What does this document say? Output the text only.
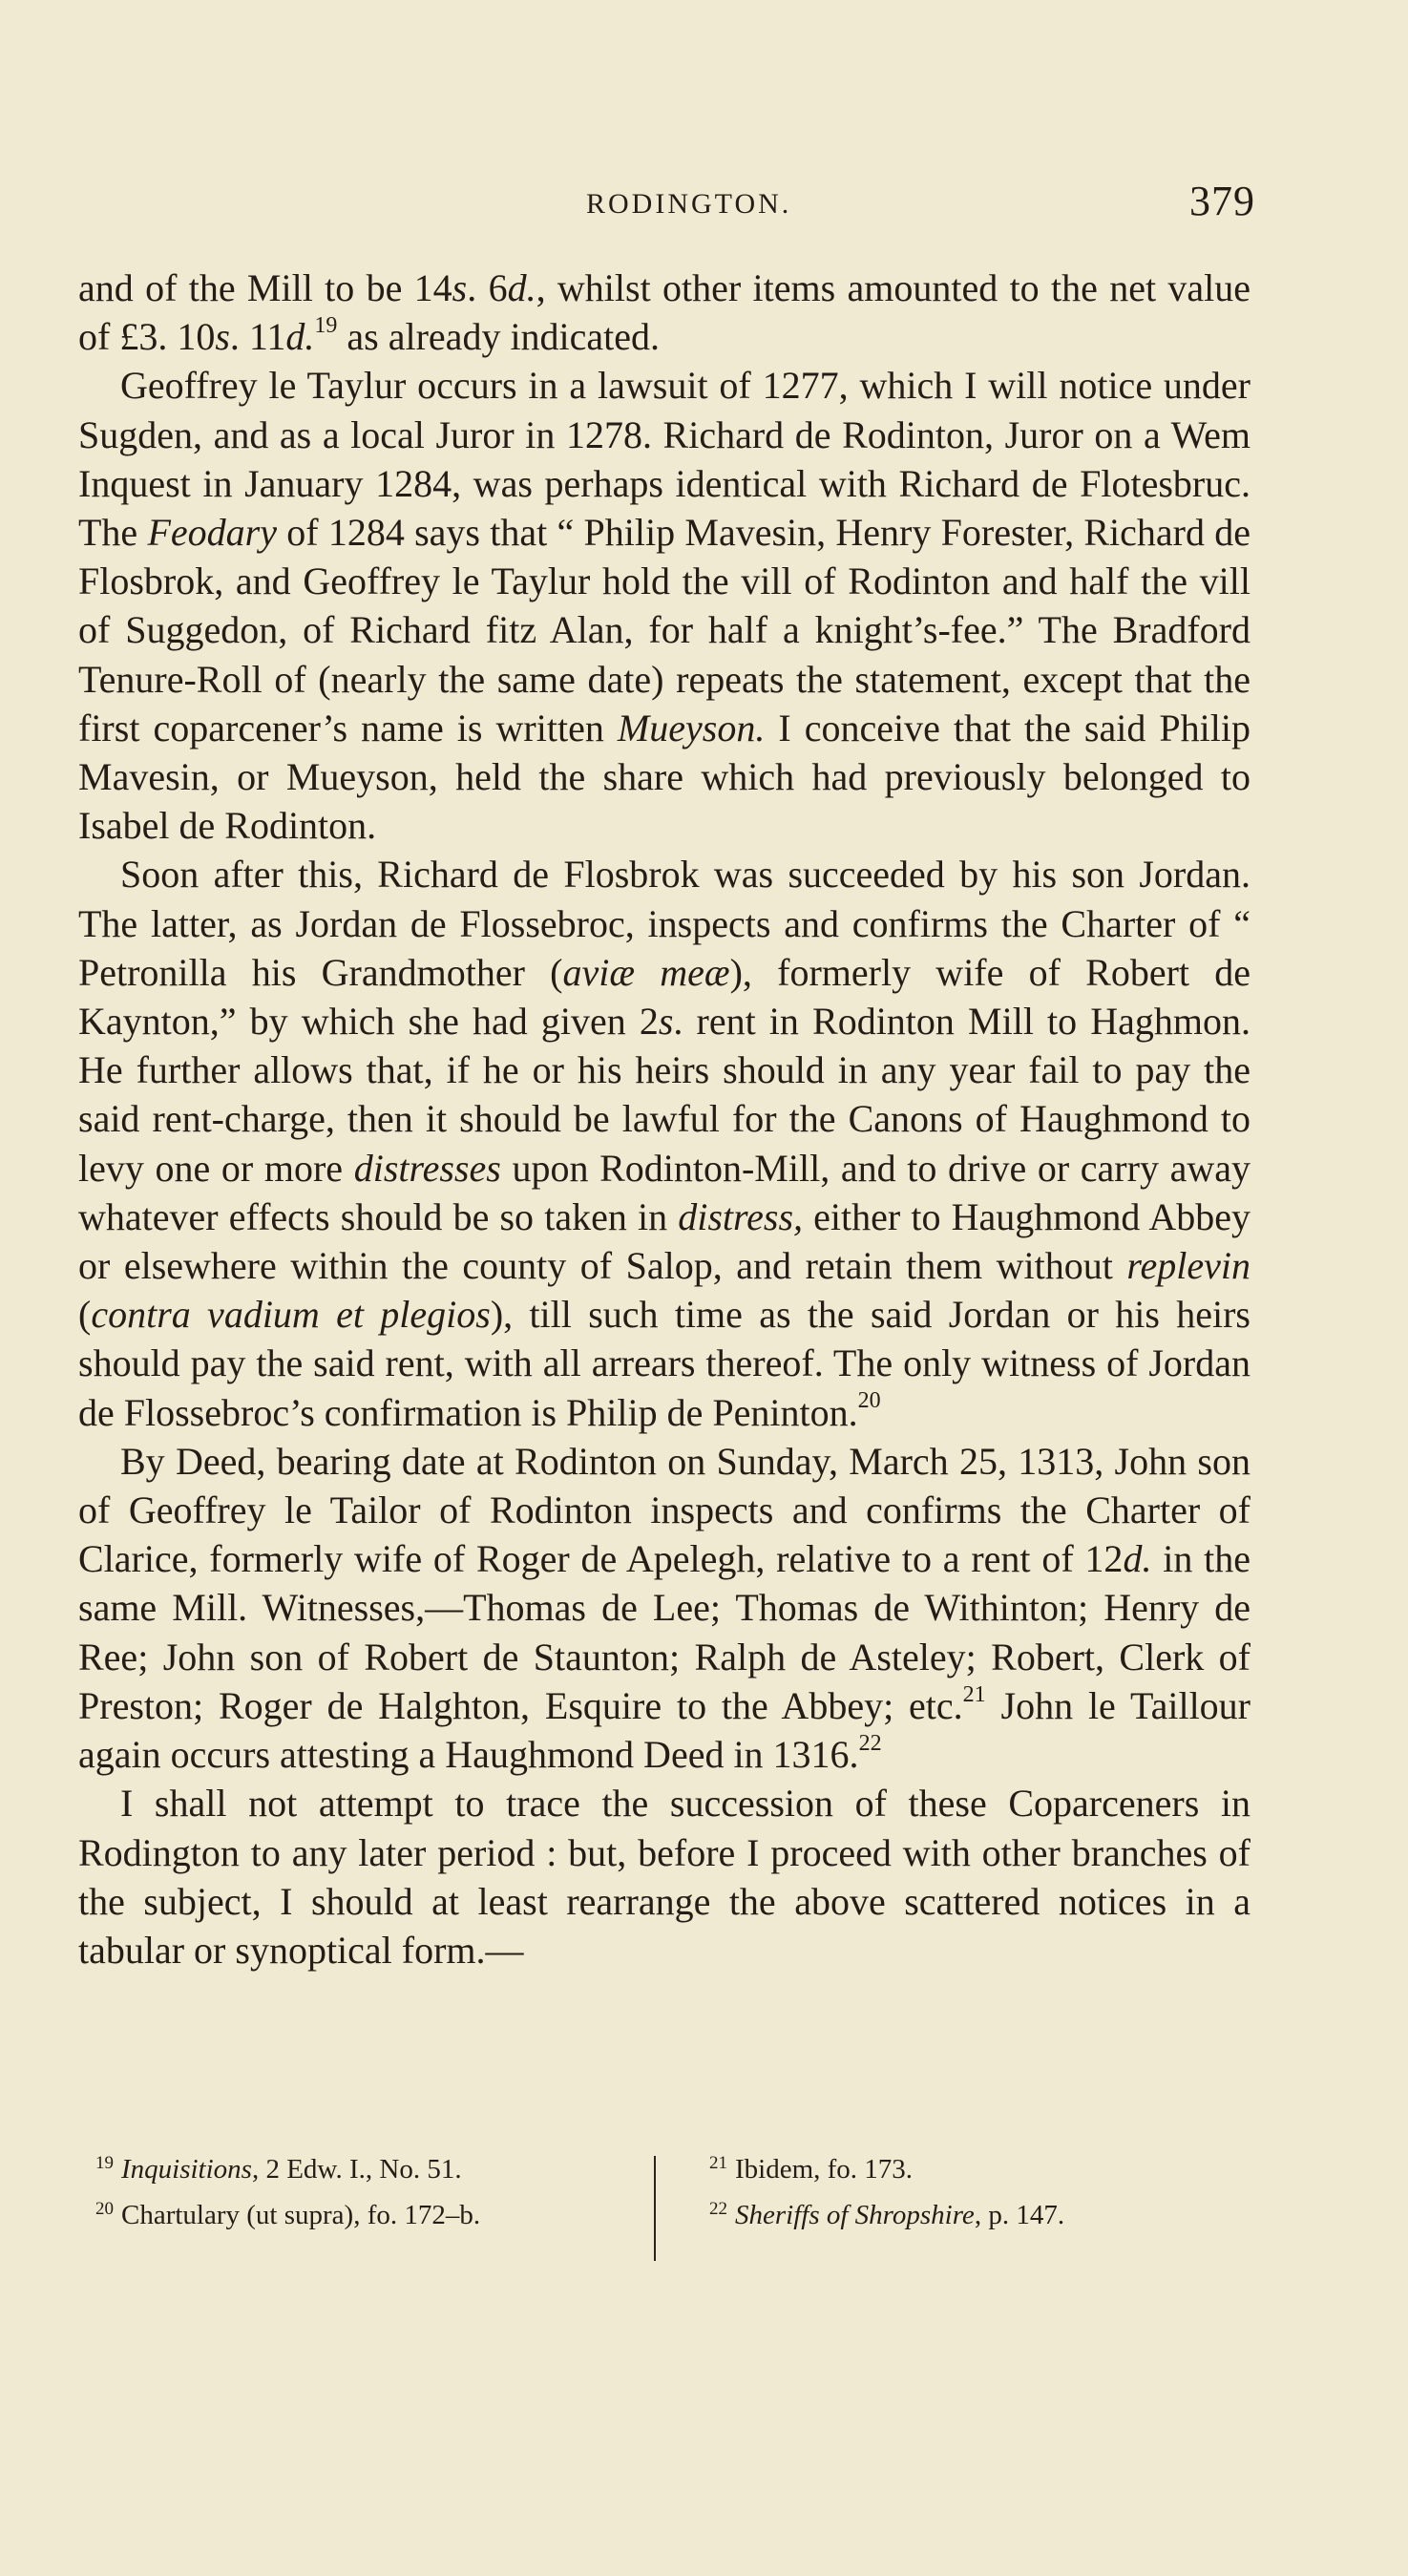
RODINGTON.	379

and of the Mill to be 14s. 6d., whilst other items amounted to the net value of £3. 10s. 11d.$^{19}$ as already indicated.

Geoffrey le Taylur occurs in a lawsuit of 1277, which I will notice under Sugden, and as a local Juror in 1278. Richard de Rodinton, Juror on a Wem Inquest in January 1284, was perhaps identical with Richard de Flotesbruc. The Feodary of 1284 says that “ Philip Mavesin, Henry Forester, Richard de Flosbrok, and Geoffrey le Taylur hold the vill of Rodinton and half the vill of Suggedon, of Richard fitz Alan, for half a knight’s-fee.” The Bradford Tenure-Roll of (nearly the same date) repeats the statement, except that the first coparcener’s name is written Mueyson. I conceive that the said Philip Mavesin, or Mueyson, held the share which had previously belonged to Isabel de Rodinton.

Soon after this, Richard de Flosbrok was succeeded by his son Jordan. The latter, as Jordan de Flossebroc, inspects and confirms the Charter of “ Petronilla his Grandmother (aviæ meæ), formerly wife of Robert de Kaynton,” by which she had given 2s. rent in Rodinton Mill to Haghmon. He further allows that, if he or his heirs should in any year fail to pay the said rent-charge, then it should be lawful for the Canons of Haughmond to levy one or more distresses upon Rodinton-Mill, and to drive or carry away whatever effects should be so taken in distress, either to Haughmond Abbey or elsewhere within the county of Salop, and retain them without replevin (contra vadium et plegios), till such time as the said Jordan or his heirs should pay the said rent, with all arrears thereof. The only witness of Jordan de Flossebroc’s confirmation is Philip de Peninton.$^{20}$

By Deed, bearing date at Rodinton on Sunday, March 25, 1313, John son of Geoffrey le Tailor of Rodinton inspects and confirms the Charter of Clarice, formerly wife of Roger de Apelegh, relative to a rent of 12d. in the same Mill. Witnesses,—Thomas de Lee; Thomas de Withinton; Henry de Ree; John son of Robert de Staunton; Ralph de Asteley; Robert, Clerk of Preston; Roger de Halghton, Esquire to the Abbey; etc.$^{21}$ John le Taillour again occurs attesting a Haughmond Deed in 1316.22

I shall not attempt to trace the succession of these Coparceners in Rodington to any later period : but, before I proceed with other branches of the subject, I should at least rearrange the above scattered notices in a tabular or synoptical form.—

$^{19}$ Inquisitions, 2 Edw. I., No. 51.

$^{20}$ Chartulary (ut supra), fo. 172–b.

$^{21}$ Ibidem, fo. 173.

$^{22}$ Sheriffs of Shropshire, p. 147.
